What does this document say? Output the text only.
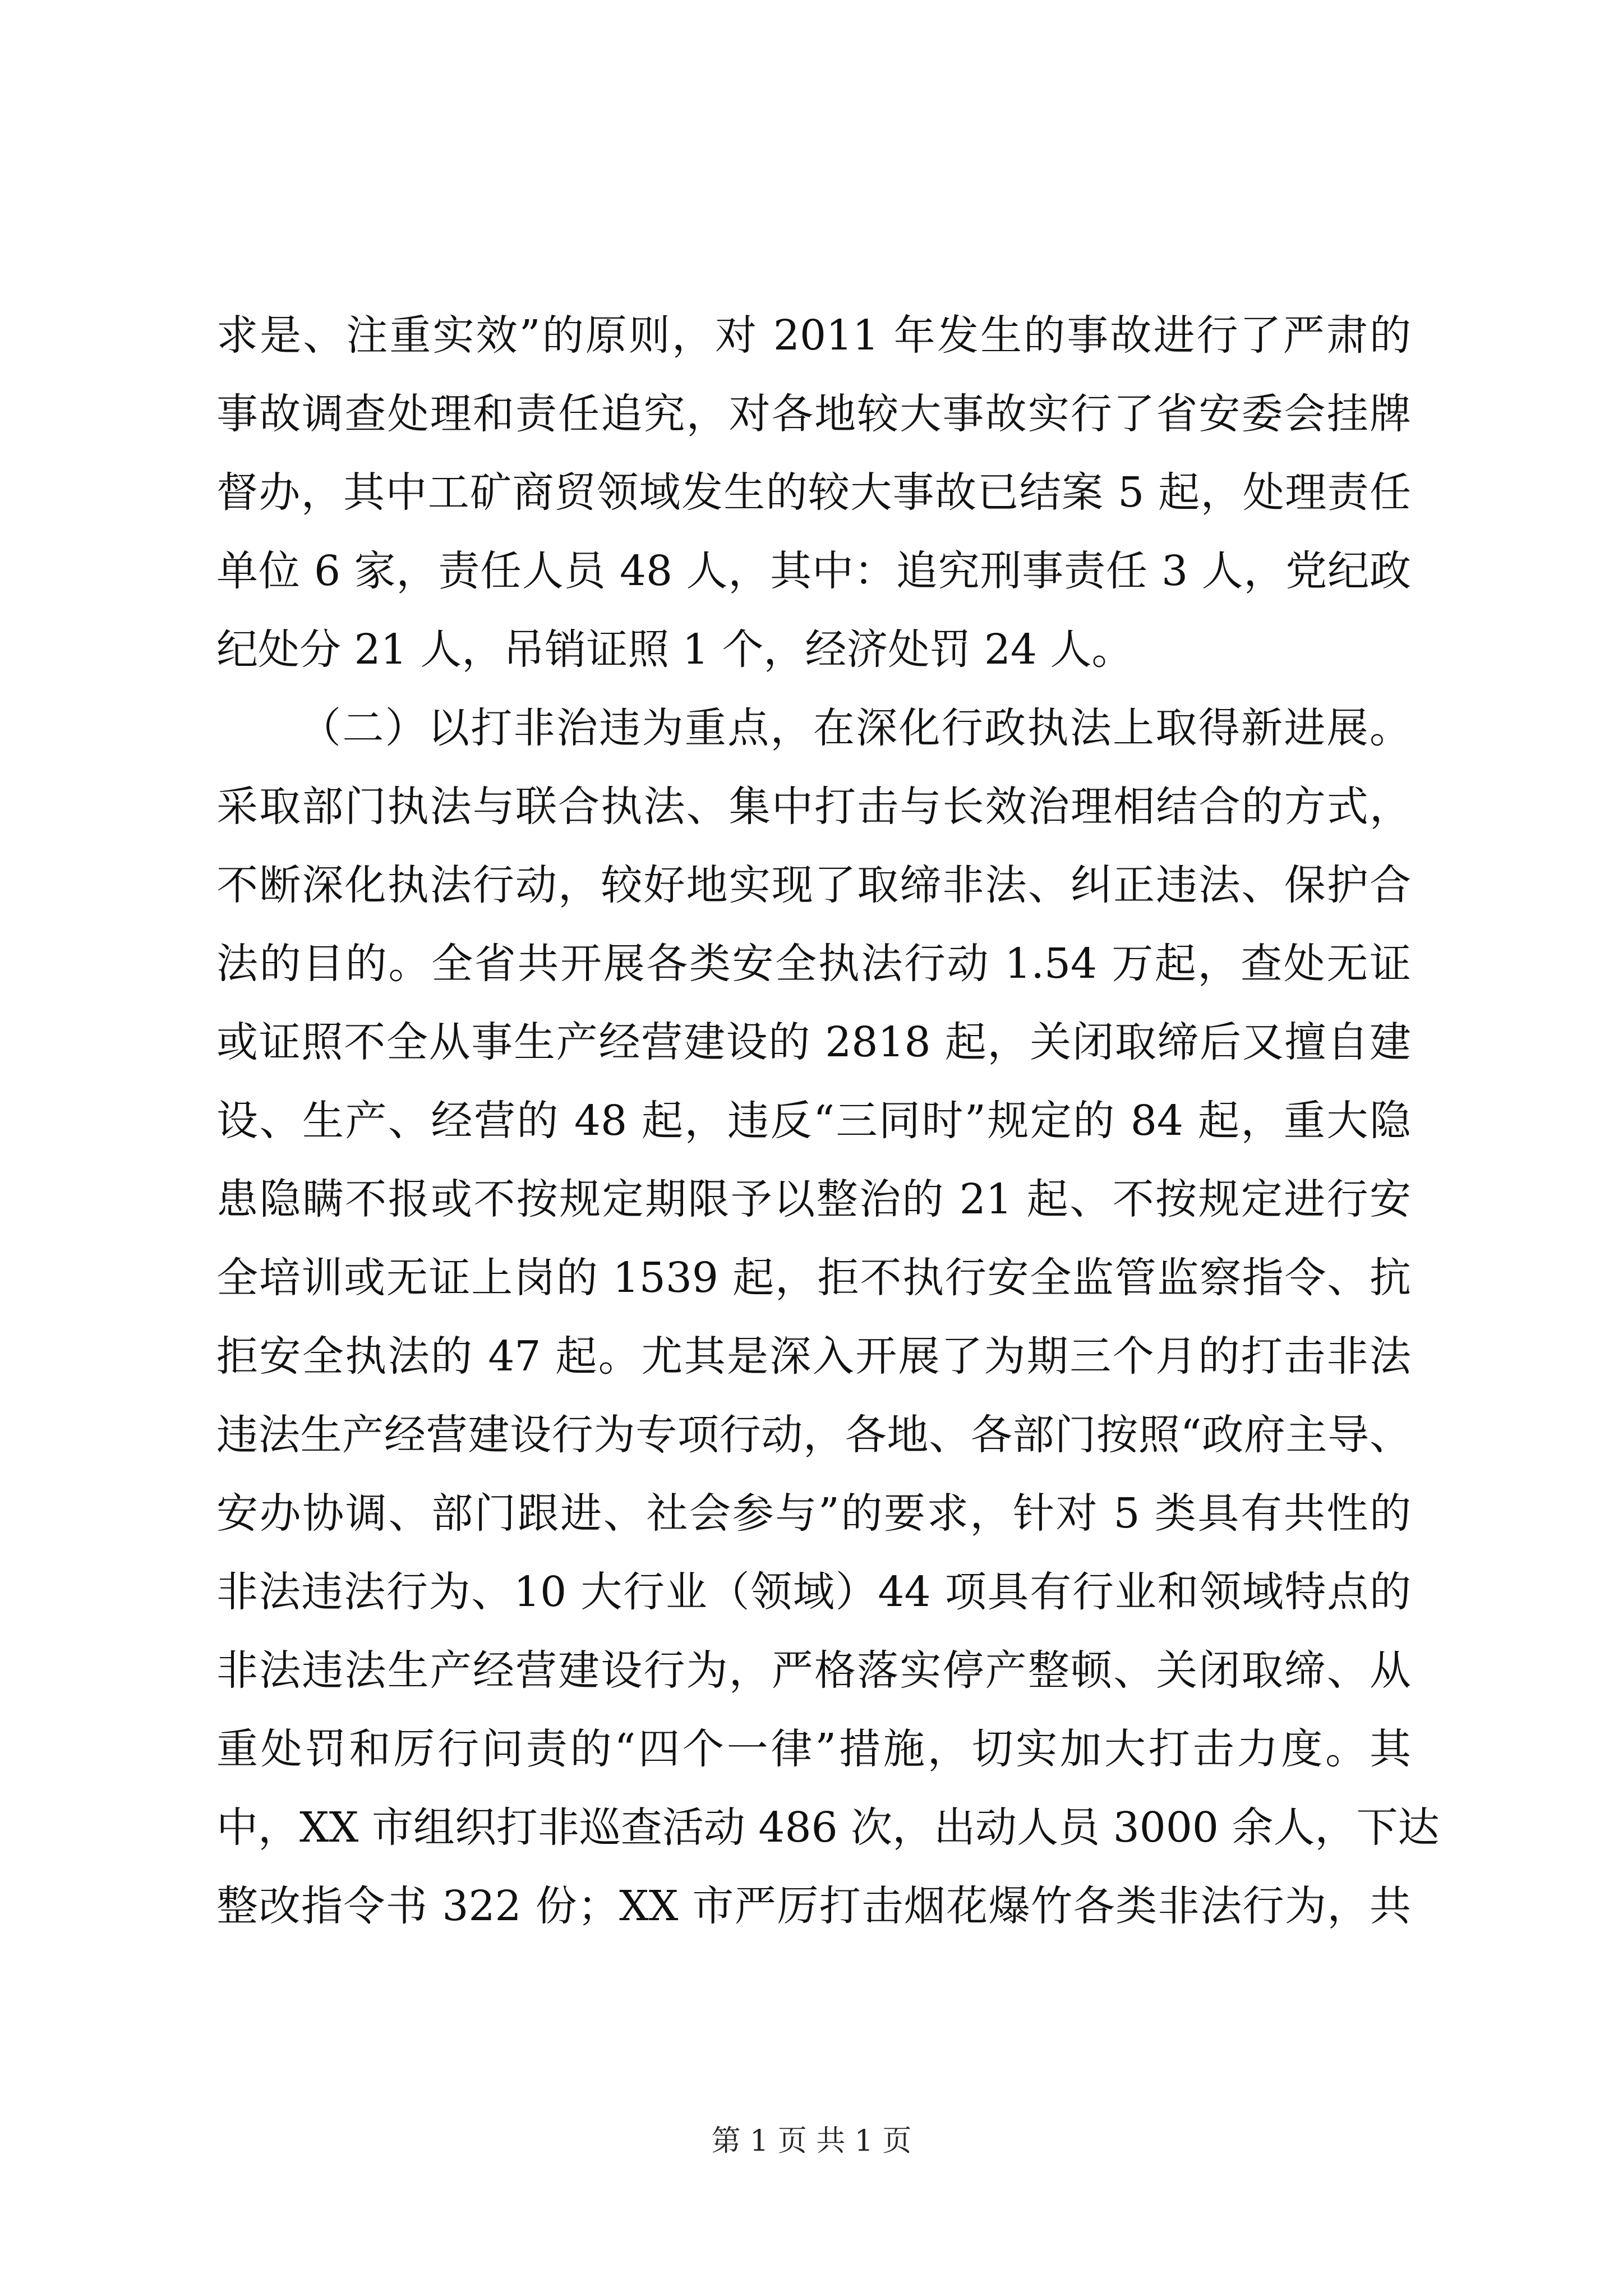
求是、注重实效”的原则，对 2011 年发生的事故进行了严肃的
事故调查处理和责任追究，对各地较大事故实行了省安委会挂牌
督办，其中工矿商贸领域发生的较大事故已结案 5 起，处理责任
单位 6 家，责任人员 48 人，其中：追究刑事责任 3 人，党纪政
纪处分 21 人，吊销证照 1 个，经济处罚 24 人。
（二）以打非治违为重点，在深化行政执法上取得新进展。
采取部门执法与联合执法、集中打击与长效治理相结合的方式，
不断深化执法行动，较好地实现了取缔非法、纠正违法、保护合
法的目的。全省共开展各类安全执法行动 1.54 万起，查处无证
或证照不全从事生产经营建设的 2818 起，关闭取缔后又擅自建
设、生产、经营的 48 起，违反“三同时”规定的 84 起，重大隐
患隐瞒不报或不按规定期限予以整治的 21 起、不按规定进行安
全培训或无证上岗的 1539 起，拒不执行安全监管监察指令、抗
拒安全执法的 47 起。尤其是深入开展了为期三个月的打击非法
违法生产经营建设行为专项行动，各地、各部门按照“政府主导、
安办协调、部门跟进、社会参与”的要求，针对 5 类具有共性的
非法违法行为、10 大行业（领域）44 项具有行业和领域特点的
非法违法生产经营建设行为，严格落实停产整顿、关闭取缔、从
重处罚和厉行问责的“四个一律”措施，切实加大打击力度。其
中，XX 市组织打非巡查活动 486 次，出动人员 3000 余人，下达
整改指令书 322 份；XX 市严厉打击烟花爆竹各类非法行为，共
第 1 页 共 1 页
